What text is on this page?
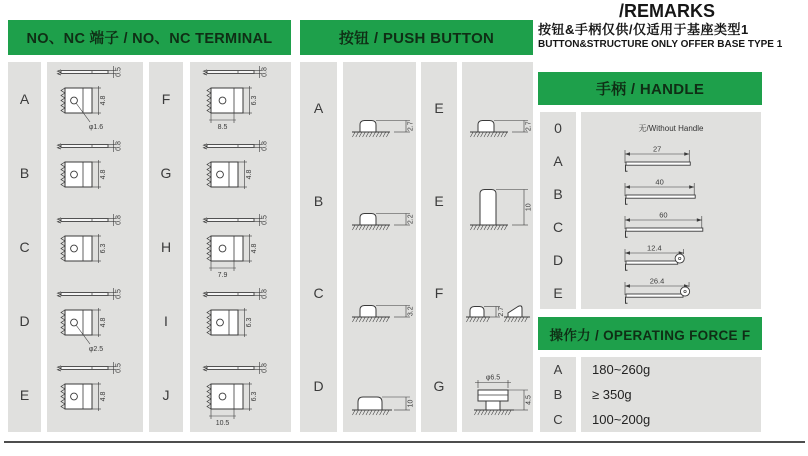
NO、NC 端子 / NO、NC TERMINAL	按钮 / PUSH BUTTON
/REMARKS
按钮&手柄仅供/仅适用于基座类型1
BUTTON&STRUCTURE ONLY OFFER BASE TYPE 1
手柄 / HANDLE
操作力 / OPERATING FORCE F
A
B
C
D
E
0.5
4.8
φ1.6
0.8
4.8
0.8
6.3
0.5
4.8
φ2.5
0.5
4.8
F
G
H
I
J
0.8
6.3
8.5
0.8
4.8
0.5
4.8
7.9
0.8
6.3
0.8
6.3
10.5
A
B
C
D
2.7
2.2
3.2
10
E
E
F
G
2.7
10
2.7
φ6.5
4.5
0
A
B
C
D
E
无/Without Handle
27
40
60
12.4
26.4
A
B
C
180~260g
≥ 350g
100~200g
